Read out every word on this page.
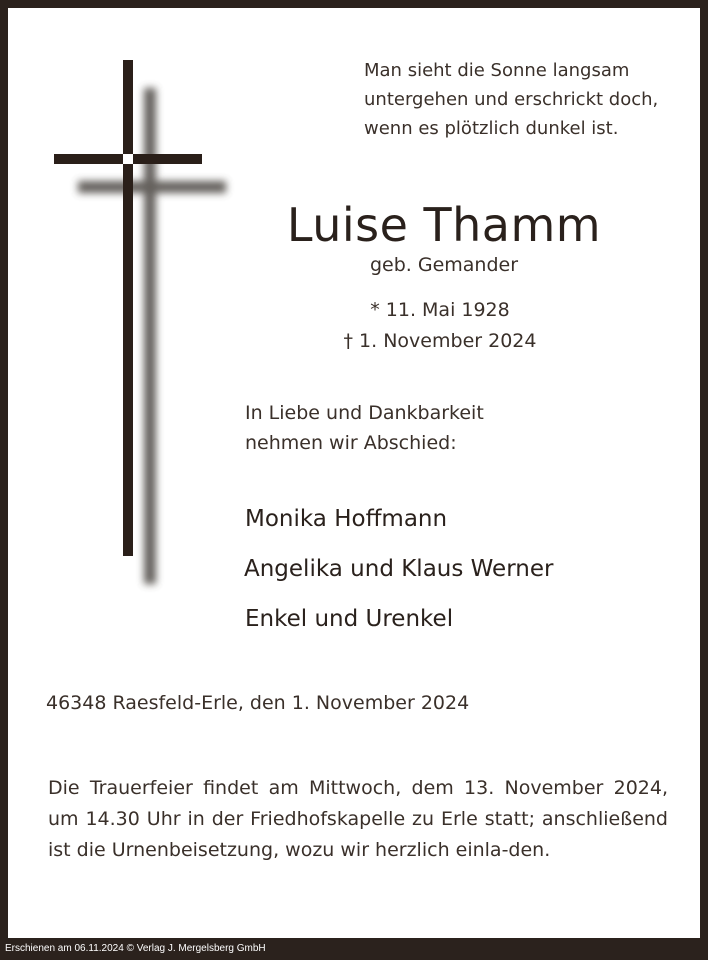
Man sieht die Sonne langsam
untergehen und erschrickt doch,
wenn es plötzlich dunkel ist.
Luise Thamm
geb. Gemander
* 11. Mai 1928
† 1. November 2024
In Liebe und Dankbarkeit
nehmen wir Abschied:
Monika Hoffmann
Angelika und Klaus Werner
Enkel und Urenkel
46348 Raesfeld-Erle, den 1. November 2024
Die Trauerfeier findet am Mittwoch, dem 13. November 2024, um 14.30 Uhr in der Friedhofskapelle zu Erle statt; anschließend ist die Urnenbeisetzung, wozu wir herzlich einla-den.
Erschienen am 06.11.2024 © Verlag J. Mergelsberg GmbH
